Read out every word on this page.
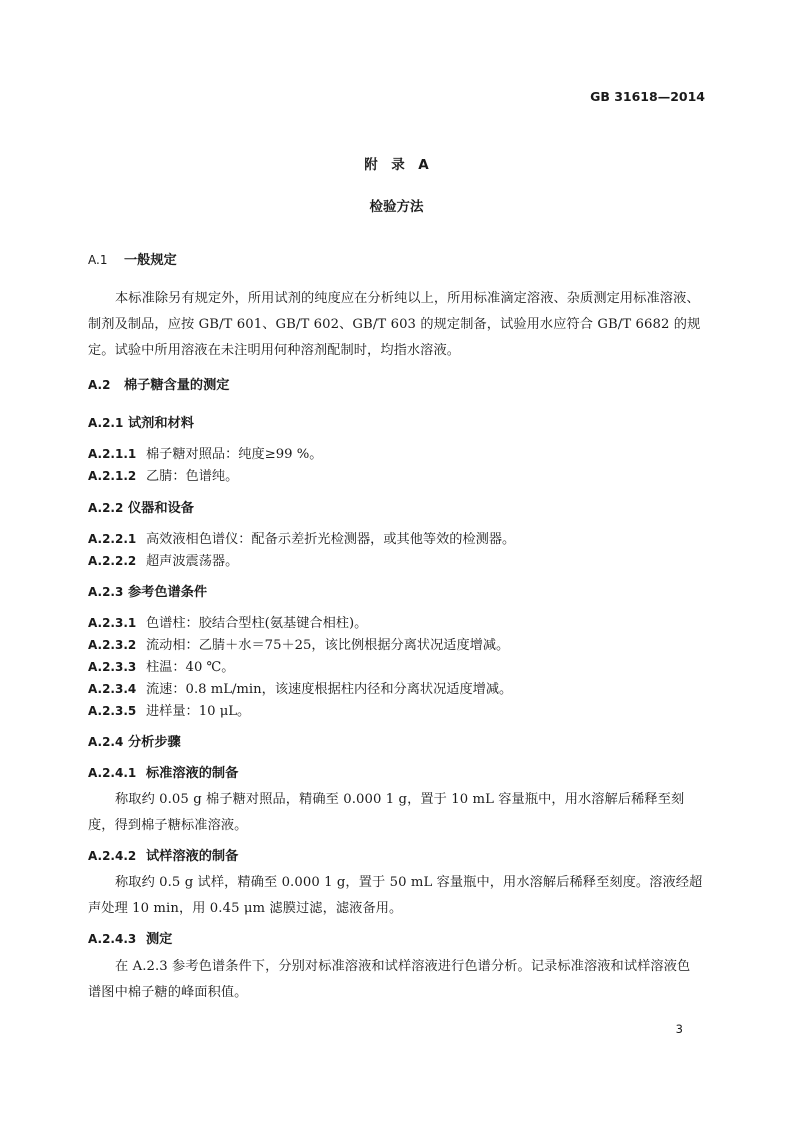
GB 31618—2014
附　录　A
检验方法
A.1 一般规定
本标准除另有规定外，所用试剂的纯度应在分析纯以上，所用标准滴定溶液、杂质测定用标准溶液、制剂及制品，应按 GB/T 601、GB/T 602、GB/T 603 的规定制备，试验用水应符合 GB/T 6682 的规定。试验中所用溶液在未注明用何种溶剂配制时，均指水溶液。
A.2 棉子糖含量的测定
A.2.1 试剂和材料
A.2.1.1 棉子糖对照品：纯度≥99 %。
A.2.1.2 乙腈：色谱纯。
A.2.2 仪器和设备
A.2.2.1 高效液相色谱仪：配备示差折光检测器，或其他等效的检测器。
A.2.2.2 超声波震荡器。
A.2.3 参考色谱条件
A.2.3.1 色谱柱：胶结合型柱(氨基键合相柱)。
A.2.3.2 流动相：乙腈＋水＝75＋25，该比例根据分离状况适度增减。
A.2.3.3 柱温：40 ℃。
A.2.3.4 流速：0.8 mL/min，该速度根据柱内径和分离状况适度增减。
A.2.3.5 进样量：10 μL。
A.2.4 分析步骤
A.2.4.1 标准溶液的制备
称取约 0.05 g 棉子糖对照品，精确至 0.000 1 g，置于 10 mL 容量瓶中，用水溶解后稀释至刻度，得到棉子糖标准溶液。
A.2.4.2 试样溶液的制备
称取约 0.5 g 试样，精确至 0.000 1 g，置于 50 mL 容量瓶中，用水溶解后稀释至刻度。溶液经超声处理 10 min，用 0.45 μm 滤膜过滤，滤液备用。
A.2.4.3 测定
在 A.2.3 参考色谱条件下，分别对标准溶液和试样溶液进行色谱分析。记录标准溶液和试样溶液色谱图中棉子糖的峰面积值。
3
